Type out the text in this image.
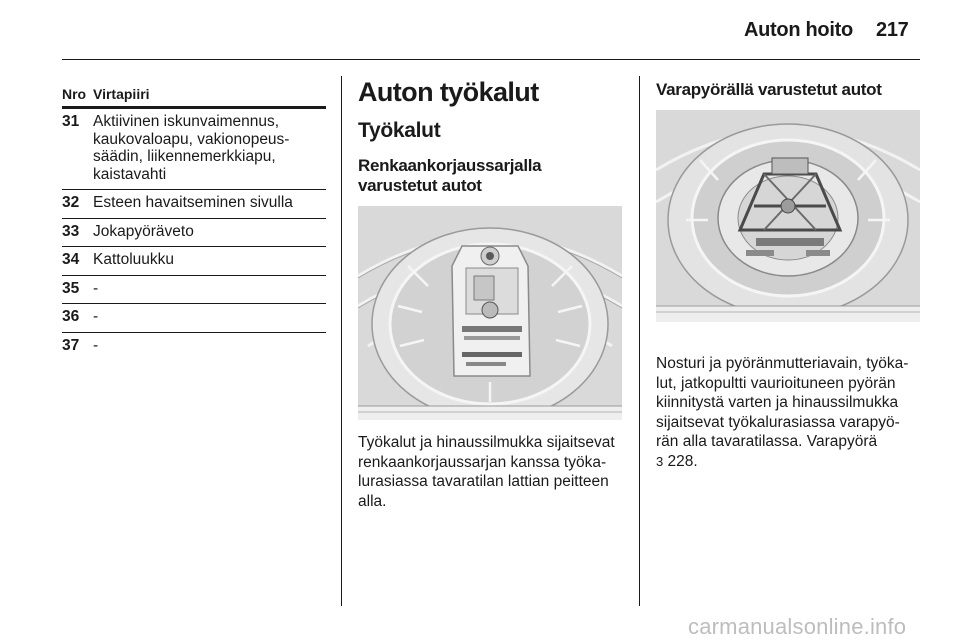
Auton hoito 217
Nro Virtapiiri
31 Aktiivinen iskunvaimennus, kaukovaloapu, vakionopeus-säädin, liikennemerkkiapu, kaistavahti
32 Esteen havaitseminen sivulla
33 Jokapyöräveto
34 Kattoluukku
35 -
36 -
37 -
Auton työkalut
Työkalut
Renkaankorjaussarjalla varustetut autot

Työkalut ja hinaussilmukka sijaitsevat renkaankorjaussarjan kanssa työka-lurasiassa tavaratilan lattian peitteen alla.

Varapyörällä varustetut autot

Nosturi ja pyöränmutteriavain, työka-lut, jatkopultti vaurioituneen pyörän kiinnitystä varten ja hinaussilmukka sijaitsevat työkalurasiassa varapyö-rän alla tavaratilassa. Varapyörä
3 228.

carmanualsonline.info
